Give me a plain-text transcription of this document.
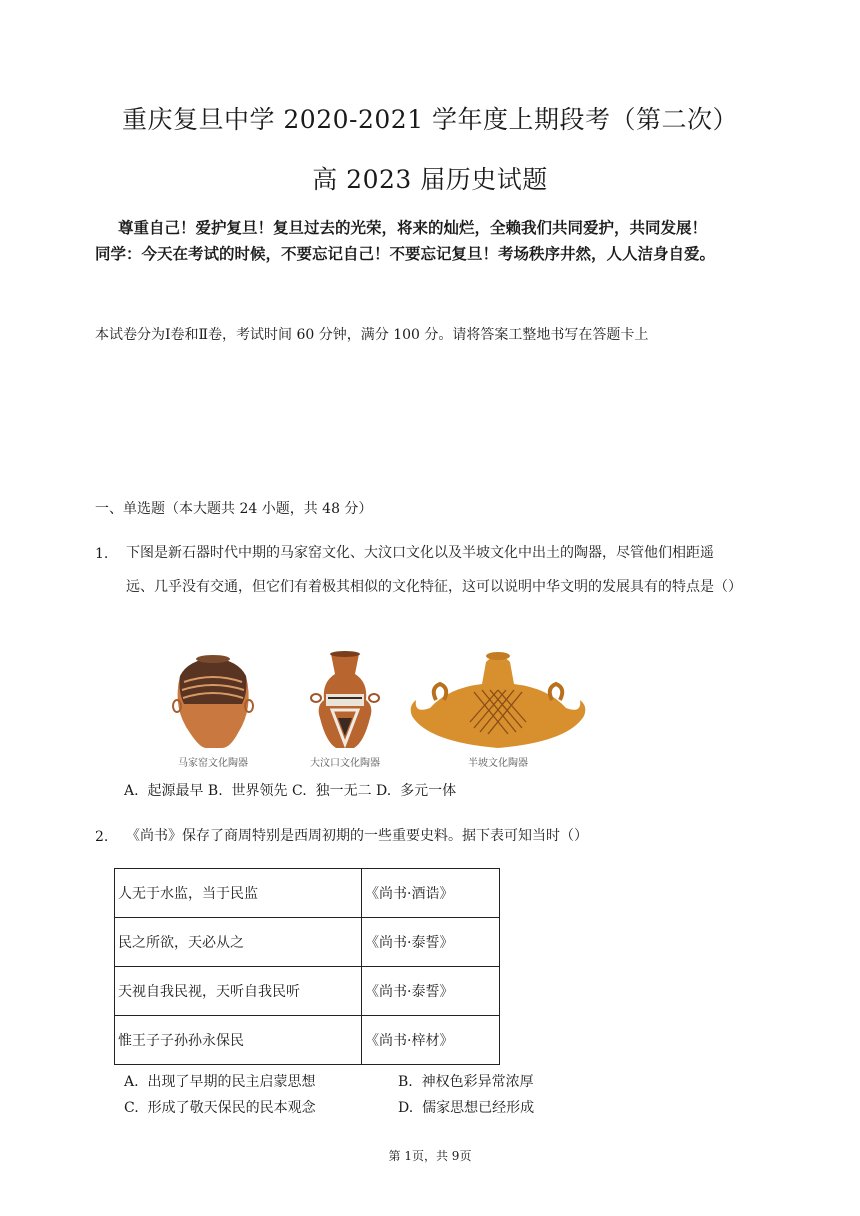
重庆复旦中学 2020-2021 学年度上期段考（第二次）
高 2023 届历史试题
尊重自己！爱护复旦！复旦过去的光荣，将来的灿烂，全赖我们共同爱护，共同发展！
同学：今天在考试的时候，不要忘记自己！不要忘记复旦！考场秩序井然，人人洁身自爱。
本试卷分为Ⅰ卷和Ⅱ卷，考试时间 60 分钟，满分 100 分。请将答案工整地书写在答题卡上
一、单选题（本大题共 24 小题，共 48 分）
1. 下图是新石器时代中期的马家窑文化、大汶口文化以及半坡文化中出土的陶器，尽管他们相距遥
远、几乎没有交通，但它们有着极其相似的文化特征，这可以说明中华文明的发展具有的特点是（）
马家窑文化陶器	大汶口文化陶器	半坡文化陶器
A.  起源最早 B.  世界领先 C.  独一无二 D.  多元一体
2. 《尚书》保存了商周特别是西周初期的一些重要史料。据下表可知当时（）
人无于水监，当于民监	《尚书·酒诰》
民之所欲，天必从之	《尚书·泰誓》
天视自我民视，天听自我民听	《尚书·泰誓》
惟王子子孙孙永保民	《尚书·梓材》
A.  出现了早期的民主启蒙思想	B.  神权色彩异常浓厚
C.  形成了敬天保民的民本观念	D.  儒家思想已经形成
第 1页，共 9页
